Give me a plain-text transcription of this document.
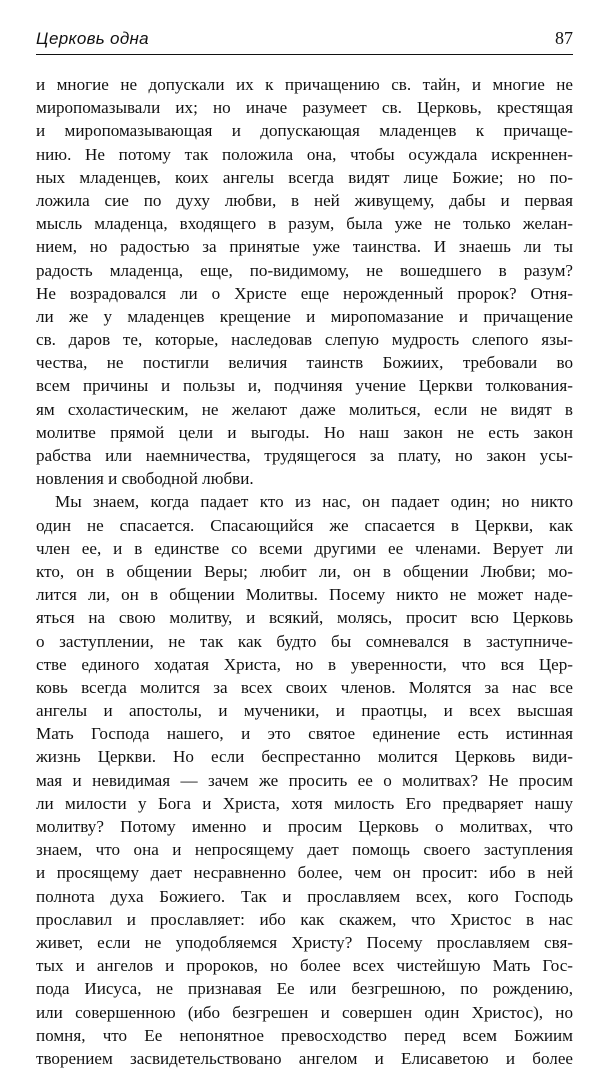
Церковь одна	87
и многие не допускали их к причащению св. тайн, и многие не
миропомазывали их; но иначе разумеет св. Церковь, крестящая
и миропомазывающая и допускающая младенцев к причаще-
нию. Не потому так положила она, чтобы осуждала искреннен-
ных младенцев, коих ангелы всегда видят лице Божие; но по-
ложила сие по духу любви, в ней живущему, дабы и первая
мысль младенца, входящего в разум, была уже не только желан-
нием, но радостью за принятые уже таинства. И знаешь ли ты
радость младенца, еще, по-видимому, не вошедшего в разум?
Не возрадовался ли о Христе еще нерожденный пророк? Отня-
ли же у младенцев крещение и миропомазание и причащение
св. даров те, которые, наследовав слепую мудрость слепого язы-
чества, не постигли величия таинств Божиих, требовали во
всем причины и пользы и, подчиняя учение Церкви толкования-
ям схоластическим, не желают даже молиться, если не видят в
молитве прямой цели и выгоды. Но наш закон не есть закон
рабства или наемничества, трудящегося за плату, но закон усы-
новления и свободной любви.
Мы знаем, когда падает кто из нас, он падает один; но никто
один не спасается. Спасающийся же спасается в Церкви, как
член ее, и в единстве со всеми другими ее членами. Верует ли
кто, он в общении Веры; любит ли, он в общении Любви; мо-
лится ли, он в общении Молитвы. Посему никто не может наде-
яться на свою молитву, и всякий, молясь, просит всю Церковь
о заступлении, не так как будто бы сомневался в заступниче-
стве единого ходатая Христа, но в уверенности, что вся Цер-
ковь всегда молится за всех своих членов. Молятся за нас все
ангелы и апостолы, и мученики, и праотцы, и всех высшая
Мать Господа нашего, и это святое единение есть истинная
жизнь Церкви. Но если беспрестанно молится Церковь види-
мая и невидимая — зачем же просить ее о молитвах? Не просим
ли милости у Бога и Христа, хотя милость Его предваряет нашу
молитву? Потому именно и просим Церковь о молитвах, что
знаем, что она и непросящему дает помощь своего заступления
и просящему дает несравненно более, чем он просит: ибо в ней
полнота духа Божиего. Так и прославляем всех, кого Господь
прославил и прославляет: ибо как скажем, что Христос в нас
живет, если не уподобляемся Христу? Посему прославляем свя-
тых и ангелов и пророков, но более всех чистейшую Мать Гос-
пода Иисуса, не признавая Ее или безгрешною, по рождению,
или совершенною (ибо безгрешен и совершен один Христос), но
помня, что Ее непонятное превосходство перед всем Божиим
творением засвидетельствовано ангелом и Елисаветою и более
